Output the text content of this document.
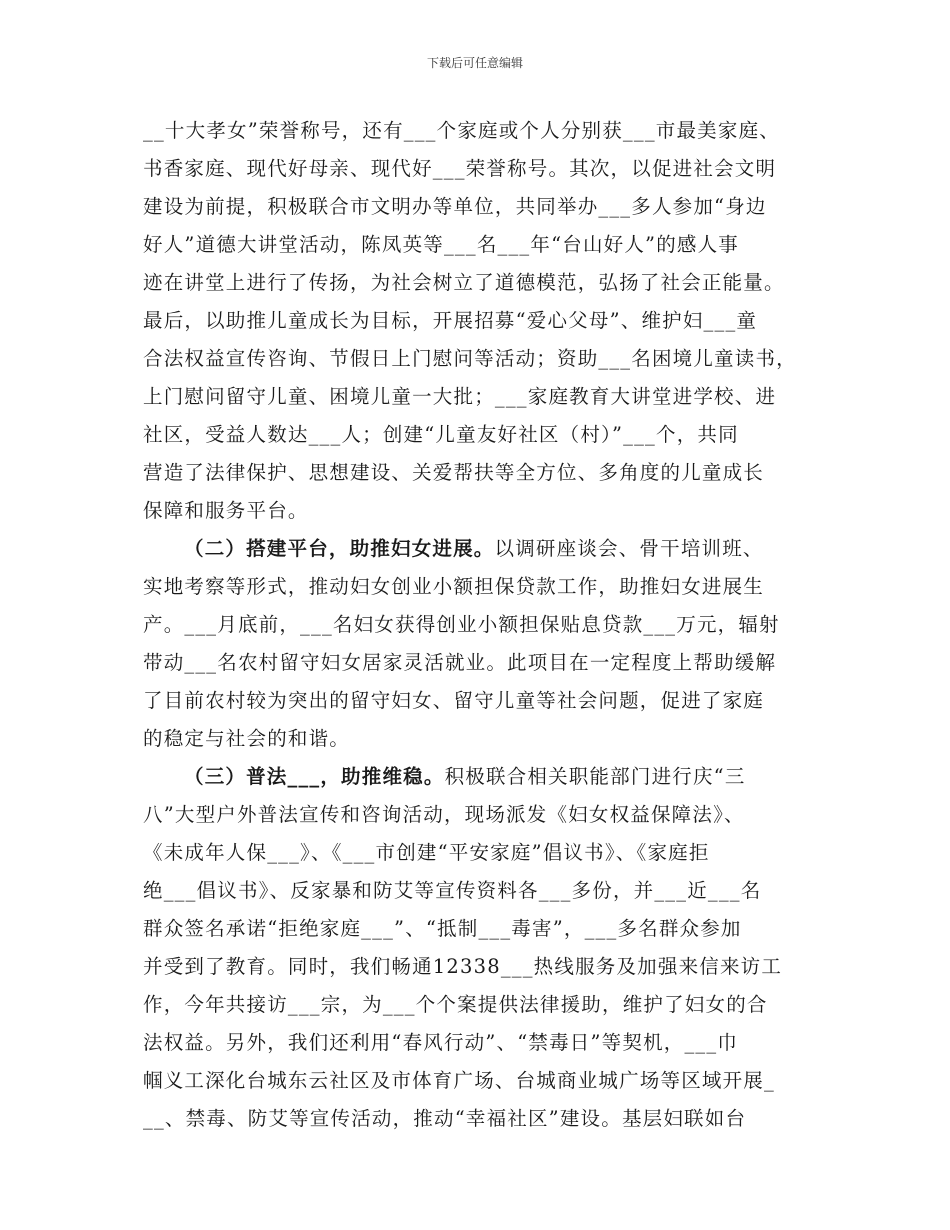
下载后可任意编辑
__十大孝女”荣誉称号，还有___个家庭或个人分别获___市最美家庭、
书香家庭、现代好母亲、现代好___荣誉称号。其次，以促进社会文明
建设为前提，积极联合市文明办等单位，共同举办___多人参加“身边
好人”道德大讲堂活动，陈凤英等___名___年“台山好人”的感人事
迹在讲堂上进行了传扬，为社会树立了道德模范，弘扬了社会正能量。
最后，以助推儿童成长为目标，开展招募“爱心父母”、维护妇___童
合法权益宣传咨询、节假日上门慰问等活动；资助___名困境儿童读书，
上门慰问留守儿童、困境儿童一大批；___家庭教育大讲堂进学校、进
社区，受益人数达___人；创建“儿童友好社区（村）”___个，共同
营造了法律保护、思想建设、关爱帮扶等全方位、多角度的儿童成长
保障和服务平台。
（二）搭建平台，助推妇女进展。以调研座谈会、骨干培训班、
实地考察等形式，推动妇女创业小额担保贷款工作，助推妇女进展生
产。___月底前，___名妇女获得创业小额担保贴息贷款___万元，辐射
带动___名农村留守妇女居家灵活就业。此项目在一定程度上帮助缓解
了目前农村较为突出的留守妇女、留守儿童等社会问题，促进了家庭
的稳定与社会的和谐。
（三）普法___，助推维稳。积极联合相关职能部门进行庆“三
八”大型户外普法宣传和咨询活动，现场派发《妇女权益保障法》、
《未成年人保___》、《___市创建“平安家庭”倡议书》、《家庭拒
绝___倡议书》、反家暴和防艾等宣传资料各___多份，并___近___名
群众签名承诺“拒绝家庭___”、“抵制___毒害”，___多名群众参加
并受到了教育。同时，我们畅通12338___热线服务及加强来信来访工
作，今年共接访___宗，为___个个案提供法律援助，维护了妇女的合
法权益。另外，我们还利用“春风行动”、“禁毒日”等契机，___巾
帼义工深化台城东云社区及市体育广场、台城商业城广场等区域开展_
__、禁毒、防艾等宣传活动，推动“幸福社区”建设。基层妇联如台
